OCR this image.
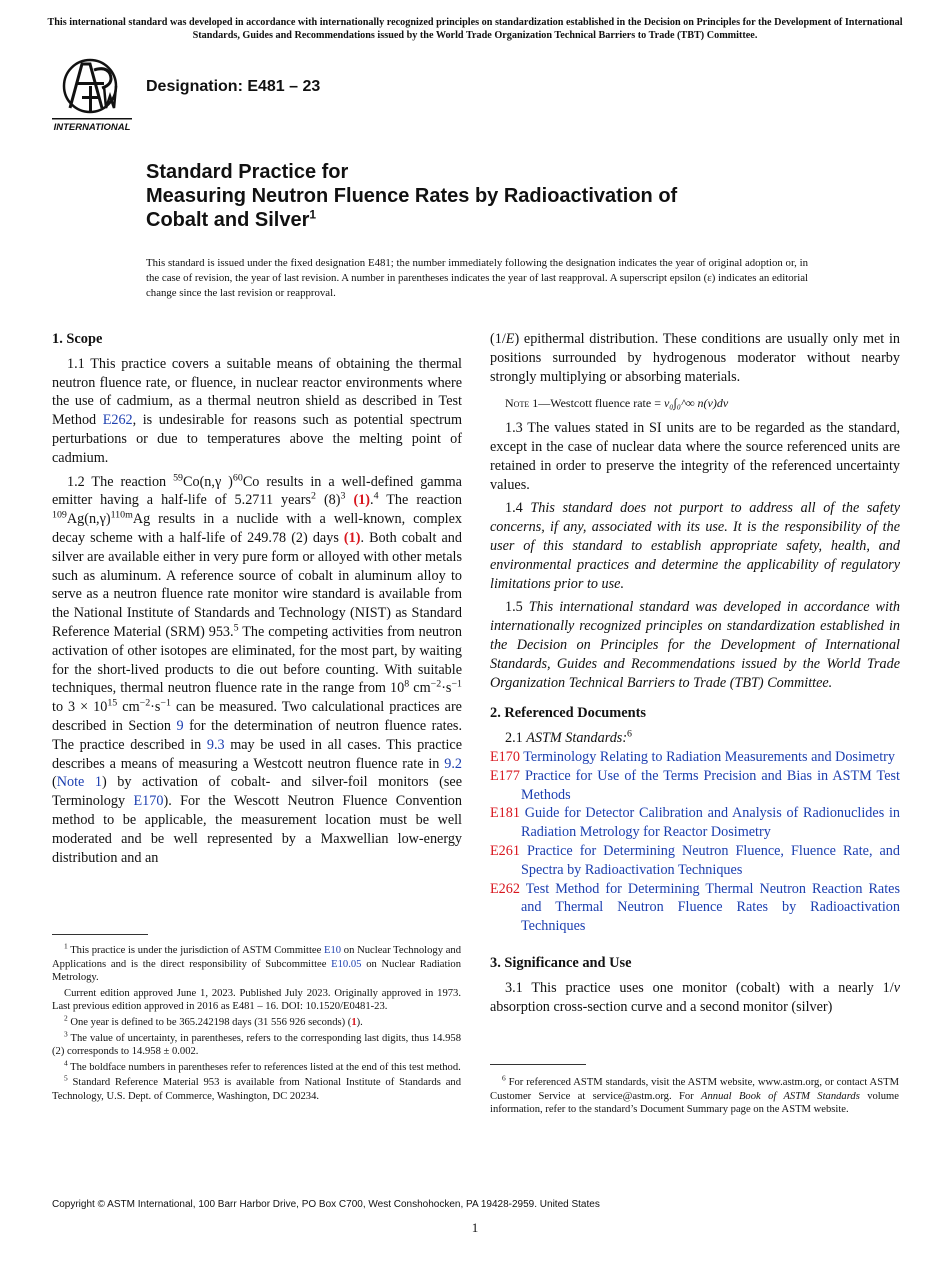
This international standard was developed in accordance with internationally recognized principles on standardization established in the Decision on Principles for the Development of International Standards, Guides and Recommendations issued by the World Trade Organization Technical Barriers to Trade (TBT) Committee.
INTERNATIONAL
Designation: E481 – 23
Standard Practice for
Measuring Neutron Fluence Rates by Radioactivation of
Cobalt and Silver$^1$
This standard is issued under the fixed designation E481; the number immediately following the designation indicates the year of original adoption or, in the case of revision, the year of last revision. A number in parentheses indicates the year of last reapproval. A superscript epsilon (ε) indicates an editorial change since the last revision or reapproval.
1. Scope

1.1 This practice covers a suitable means of obtaining the thermal neutron fluence rate, or fluence, in nuclear reactor environments where the use of cadmium, as a thermal neutron shield as described in Test Method E262, is undesirable for reasons such as potential spectrum perturbations or due to temperatures above the melting point of cadmium.

1.2 The reaction $^{59}$Co(n,γ )$^{60}$Co results in a well-defined gamma emitter having a half-life of 5.2711 years$^2$ $(8)^3$ (1).$^4$ The reaction $^{109}Ag(n,\gamma)^{110m}Ag$ results in a nuclide with a well-known, complex decay scheme with a half-life of 249.78 (2) days (1). Both cobalt and silver are available either in very pure form or alloyed with other metals such as aluminum. A reference source of cobalt in aluminum alloy to serve as a neutron fluence rate monitor wire standard is available from the National Institute of Standards and Technology (NIST) as Standard Reference Material (SRM) 953.$^5$ The competing activities from neutron activation of other isotopes are eliminated, for the most part, by waiting for the short-lived products to die out before counting. With suitable techniques, thermal neutron fluence rate in the range from $10^8$ $cm^{-2}\cdot s^{-1}$ to $3 \times 10^{15}$ $cm^{-2}\cdot s^{-1}$ can be measured. Two calculational practices are described in Section 9 for the determination of neutron fluence rates. The practice described in 9.3 may be used in all cases. This practice describes a means of measuring a Westcott neutron fluence rate in 9.2 (Note 1) by activation of cobalt- and silver-foil monitors (see Terminology E170). For the Wescott Neutron Fluence Convention method to be applicable, the measurement location must be well moderated and be well represented by a Maxwellian low-energy distribution and an

$^1$ This practice is under the jurisdiction of ASTM Committee E10 on Nuclear Technology and Applications and is the direct responsibility of Subcommittee E10.05 on Nuclear Radiation Metrology.

Current edition approved June 1, 2023. Published July 2023. Originally approved in 1973. Last previous edition approved in 2016 as E481 – 16. DOI: 10.1520/E0481-23.

$^2$ One year is defined to be 365.242198 days (31 556 926 seconds) (1).

$^3$ The value of uncertainty, in parentheses, refers to the corresponding last digits, thus 14.958 (2) corresponds to 14.958 ± 0.002.

$^4$ The boldface numbers in parentheses refer to references listed at the end of this test method.

$^5$ Standard Reference Material 953 is available from National Institute of Standards and Technology, U.S. Dept. of Commerce, Washington, DC 20234.

(1/E) epithermal distribution. These conditions are usually only met in positions surrounded by hydrogenous moderator without nearby strongly multiplying or absorbing materials.

Note 1—Westcott fluence rate = v₀∫₀^∞ n(v)dv

1.3 The values stated in SI units are to be regarded as the standard, except in the case of nuclear data where the source referenced units are retained in order to preserve the integrity of the referenced uncertainty values.

1.4 This standard does not purport to address all of the safety concerns, if any, associated with its use. It is the responsibility of the user of this standard to establish appropriate safety, health, and environmental practices and determine the applicability of regulatory limitations prior to use.

1.5 This international standard was developed in accordance with internationally recognized principles on standardization established in the Decision on Principles for the Development of International Standards, Guides and Recommendations issued by the World Trade Organization Technical Barriers to Trade (TBT) Committee.

2. Referenced Documents

2.1 ASTM Standards:$^6$

E170 Terminology Relating to Radiation Measurements and Dosimetry
E177 Practice for Use of the Terms Precision and Bias in ASTM Test Methods
E181 Guide for Detector Calibration and Analysis of Radionuclides in Radiation Metrology for Reactor Dosimetry
E261 Practice for Determining Neutron Fluence, Fluence Rate, and Spectra by Radioactivation Techniques
E262 Test Method for Determining Thermal Neutron Reaction Rates and Thermal Neutron Fluence Rates by Radioactivation Techniques
3. Significance and Use

3.1 This practice uses one monitor (cobalt) with a nearly 1/v absorption cross-section curve and a second monitor (silver)

$^6$ For referenced ASTM standards, visit the ASTM website, www.astm.org, or contact ASTM Customer Service at service@astm.org. For Annual Book of ASTM Standards volume information, refer to the standard’s Document Summary page on the ASTM website.

Copyright © ASTM International, 100 Barr Harbor Drive, PO Box C700, West Conshohocken, PA 19428-2959. United States
1
